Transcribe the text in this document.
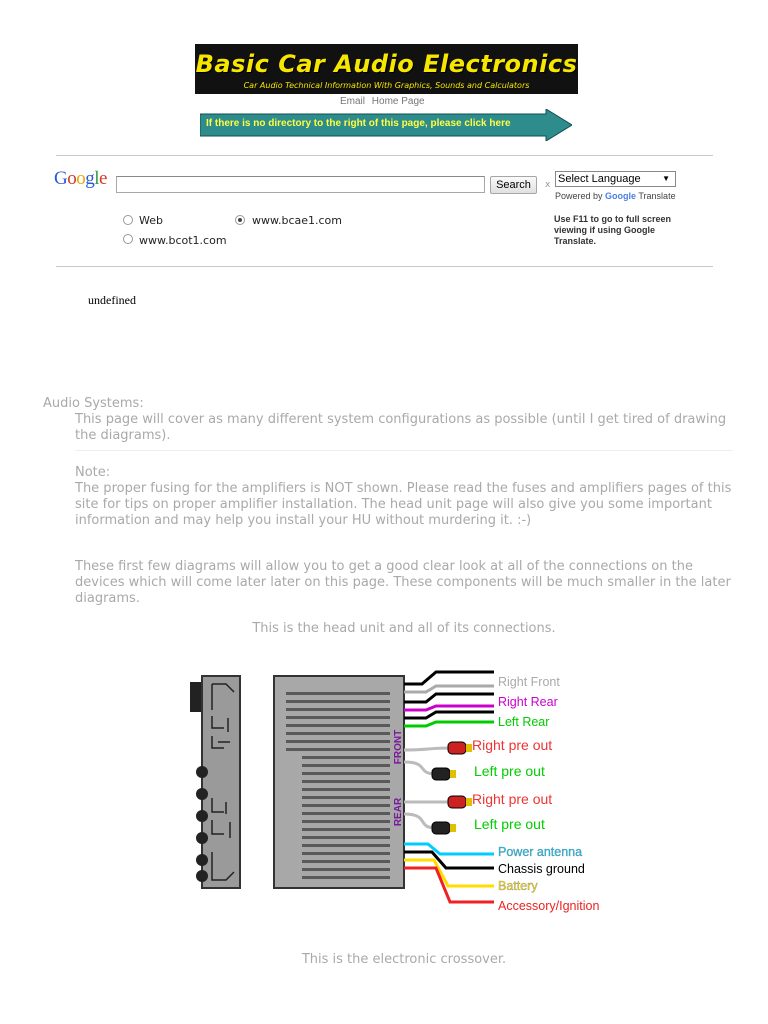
Basic Car Audio Electronics
Car Audio Technical Information With Graphics, Sounds and Calculators
Email Home Page
If there is no directory to the right of this page, please click here
Google	Search	x Select Language	▼
Powered by Google Translate
Use F11 to go to full screen viewing if using Google Translate.
Web	www.bcae1.com
www.bcot1.com
undefined
Audio Systems:
This page will cover as many different system configurations as possible (until I get tired of drawing the diagrams).
Note:
The proper fusing for the amplifiers is NOT shown. Please read the fuses and amplifiers pages of this site for tips on proper amplifier installation. The head unit page will also give you some important information and may help you install your HU without murdering it. :-)
These first few diagrams will allow you to get a good clear look at all of the connections on the devices which will come later later on this page. These components will be much smaller in the later diagrams.
This is the head unit and all of its connections.
FRONT
REAR
Right Front
Right Rear
Left Rear
Right pre out
Left pre out
Right pre out
Left pre out
Power antenna
Chassis ground
Battery
Accessory/Ignition
This is the electronic crossover.
